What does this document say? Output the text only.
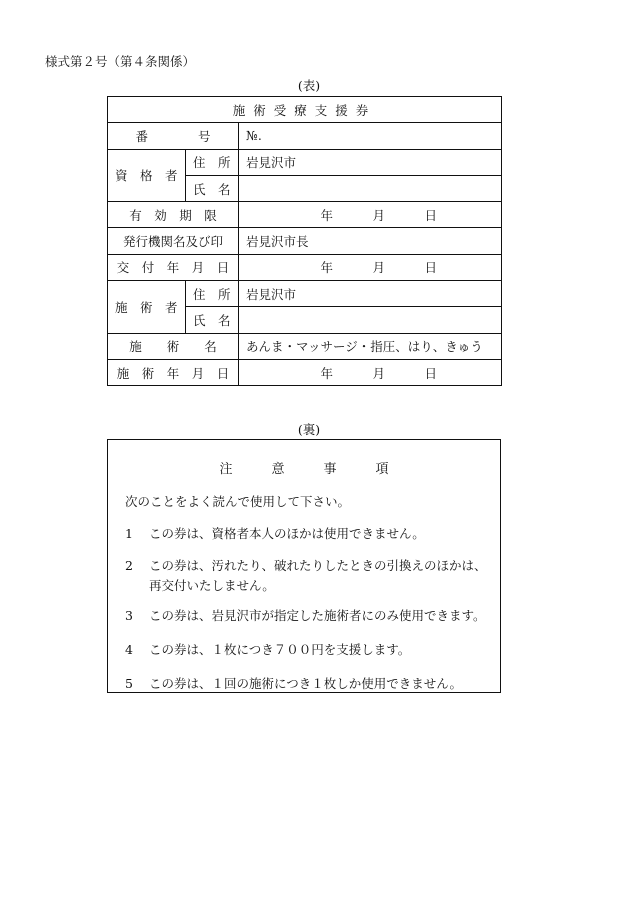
様式第２号（第４条関係）
(表)
施術受療支援券		
番　　　　号		№.
資　格　者	住　所	岩見沢市
	氏　名	
有　効　期　限		年 月 日

発行機関名及び印		岩見沢市長
交　付　年　月　日		年 月 日

施　術　者	住　所	岩見沢市
	氏　名	
施　　術　　名		あんま・マッサージ・指圧、はり、きゅう
施　術　年　月　日		年 月 日
(裏)
注　　　意　　　事　　　項
次のことをよく読んで使用して下さい。
1	この券は、資格者本人のほかは使用できません。
2	この券は、汚れたり、破れたりしたときの引換えのほかは、再交付いたしません。
3	この券は、岩見沢市が指定した施術者にのみ使用できます。
4	この券は、１枚につき７００円を支援します。
5	この券は、１回の施術につき１枚しか使用できません。
